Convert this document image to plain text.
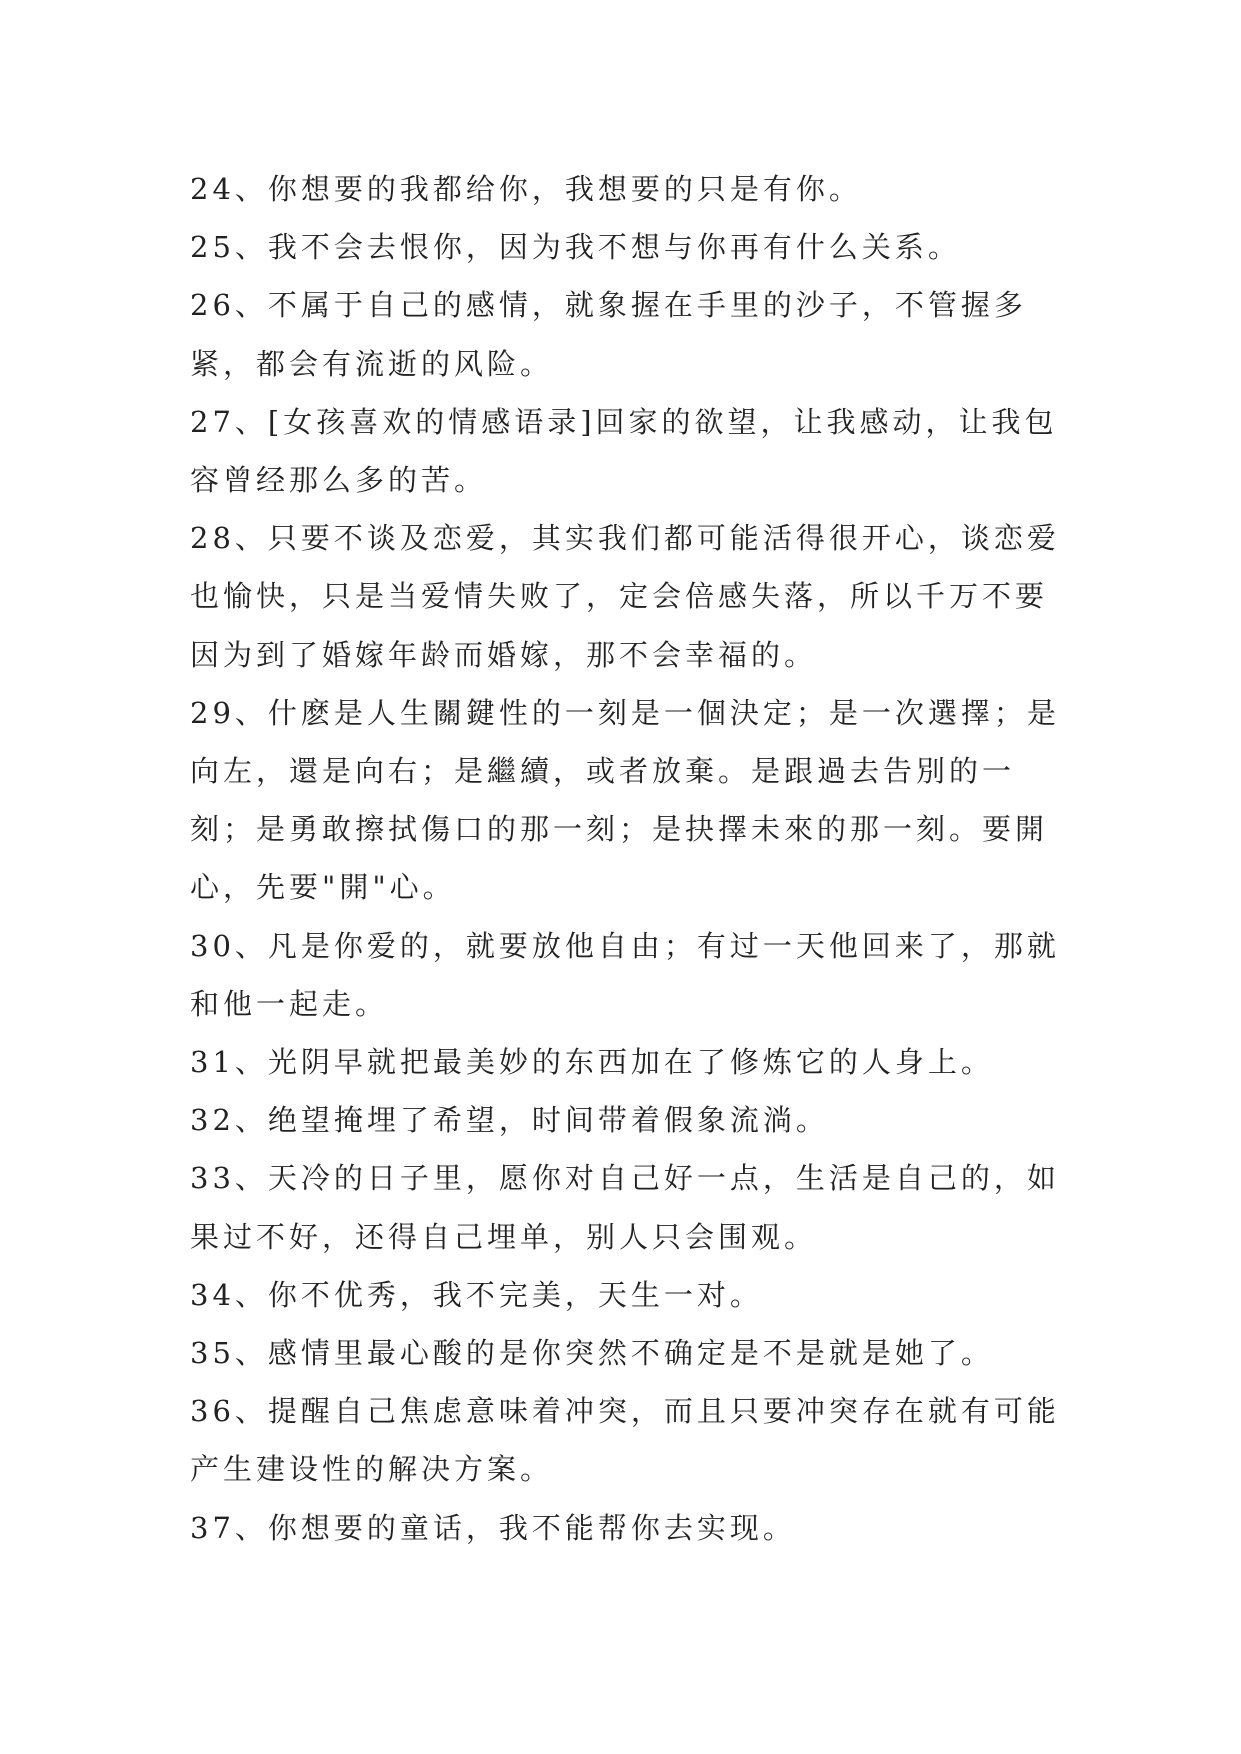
24、你想要的我都给你，我想要的只是有你。

25、我不会去恨你，因为我不想与你再有什么关系。

26、不属于自己的感情，就象握在手里的沙子，不管握多紧，都会有流逝的风险。

27、[女孩喜欢的情感语录]回家的欲望，让我感动，让我包容曾经那么多的苦。

28、只要不谈及恋爱，其实我们都可能活得很开心，谈恋爱也愉快，只是当爱情失败了，定会倍感失落，所以千万不要因为到了婚嫁年龄而婚嫁，那不会幸福的。

29、什麽是人生關鍵性的一刻是一個決定；是一次選擇；是向左，還是向右；是繼續，或者放棄。是跟過去告別的一刻；是勇敢擦拭傷口的那一刻；是抉擇未來的那一刻。要開心，先要"開"心。

30、凡是你爱的，就要放他自由；有过一天他回来了，那就和他一起走。

31、光阴早就把最美妙的东西加在了修炼它的人身上。

32、绝望掩埋了希望，时间带着假象流淌。

33、天冷的日子里，愿你对自己好一点，生活是自己的，如果过不好，还得自己埋单，别人只会围观。

34、你不优秀，我不完美，天生一对。

35、感情里最心酸的是你突然不确定是不是就是她了。

36、提醒自己焦虑意味着冲突，而且只要冲突存在就有可能产生建设性的解决方案。

37、你想要的童话，我不能帮你去实现。
